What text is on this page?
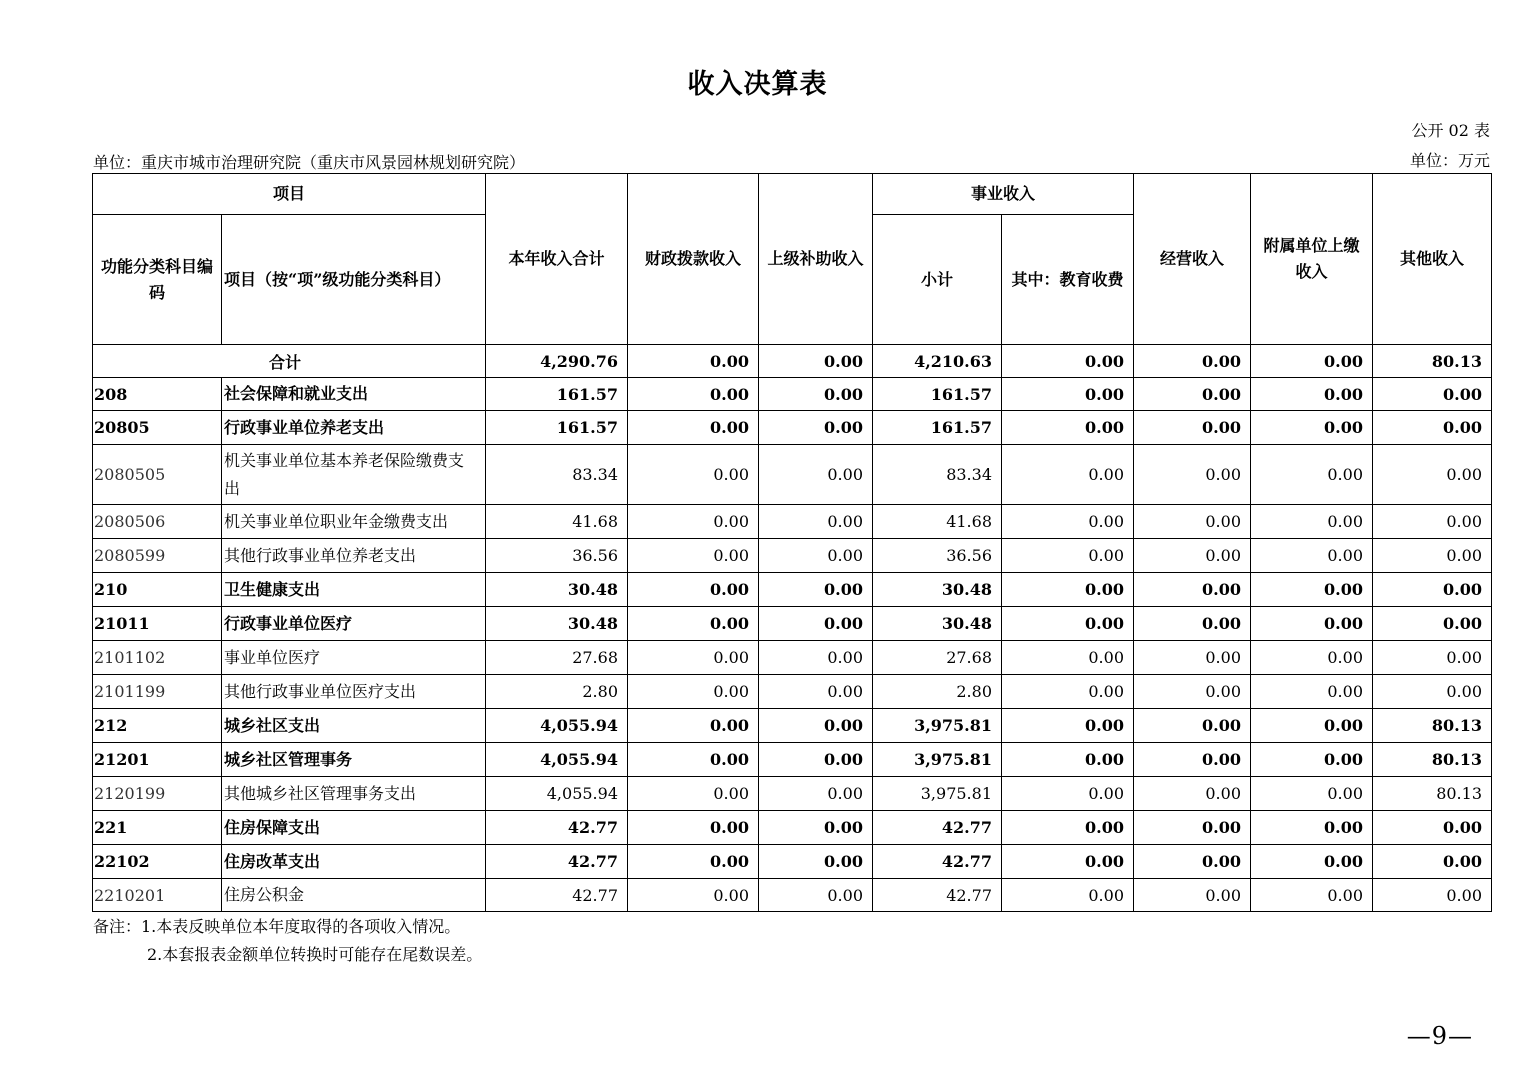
收入决算表
公开 02 表
单位：重庆市城市治理研究院（重庆市风景园林规划研究院）	单位：万元
项目		本年收入合计	财政拨款收入	上级补助收入	事业收入		经营收入	附属单位上缴收入	其他收入
功能分类科目编码	项目（按“项”级功能分类科目）				小计	其中：教育收费			
合计		4,290.76	0.00	0.00	4,210.63	0.00	0.00	0.00	80.13
208	社会保障和就业支出	161.57	0.00	0.00	161.57	0.00	0.00	0.00	0.00
20805	行政事业单位养老支出	161.57	0.00	0.00	161.57	0.00	0.00	0.00	0.00
2080505	机关事业单位基本养老保险缴费支出	83.34	0.00	0.00	83.34	0.00	0.00	0.00	0.00
2080506	机关事业单位职业年金缴费支出	41.68	0.00	0.00	41.68	0.00	0.00	0.00	0.00
2080599	其他行政事业单位养老支出	36.56	0.00	0.00	36.56	0.00	0.00	0.00	0.00
210	卫生健康支出	30.48	0.00	0.00	30.48	0.00	0.00	0.00	0.00
21011	行政事业单位医疗	30.48	0.00	0.00	30.48	0.00	0.00	0.00	0.00
2101102	事业单位医疗	27.68	0.00	0.00	27.68	0.00	0.00	0.00	0.00
2101199	其他行政事业单位医疗支出	2.80	0.00	0.00	2.80	0.00	0.00	0.00	0.00
212	城乡社区支出	4,055.94	0.00	0.00	3,975.81	0.00	0.00	0.00	80.13
21201	城乡社区管理事务	4,055.94	0.00	0.00	3,975.81	0.00	0.00	0.00	80.13
2120199	其他城乡社区管理事务支出	4,055.94	0.00	0.00	3,975.81	0.00	0.00	0.00	80.13
221	住房保障支出	42.77	0.00	0.00	42.77	0.00	0.00	0.00	0.00
22102	住房改革支出	42.77	0.00	0.00	42.77	0.00	0.00	0.00	0.00
2210201	住房公积金	42.77	0.00	0.00	42.77	0.00	0.00	0.00	0.00
备注：1.本表反映单位本年度取得的各项收入情况。
2.本套报表金额单位转换时可能存在尾数误差。
—9—
